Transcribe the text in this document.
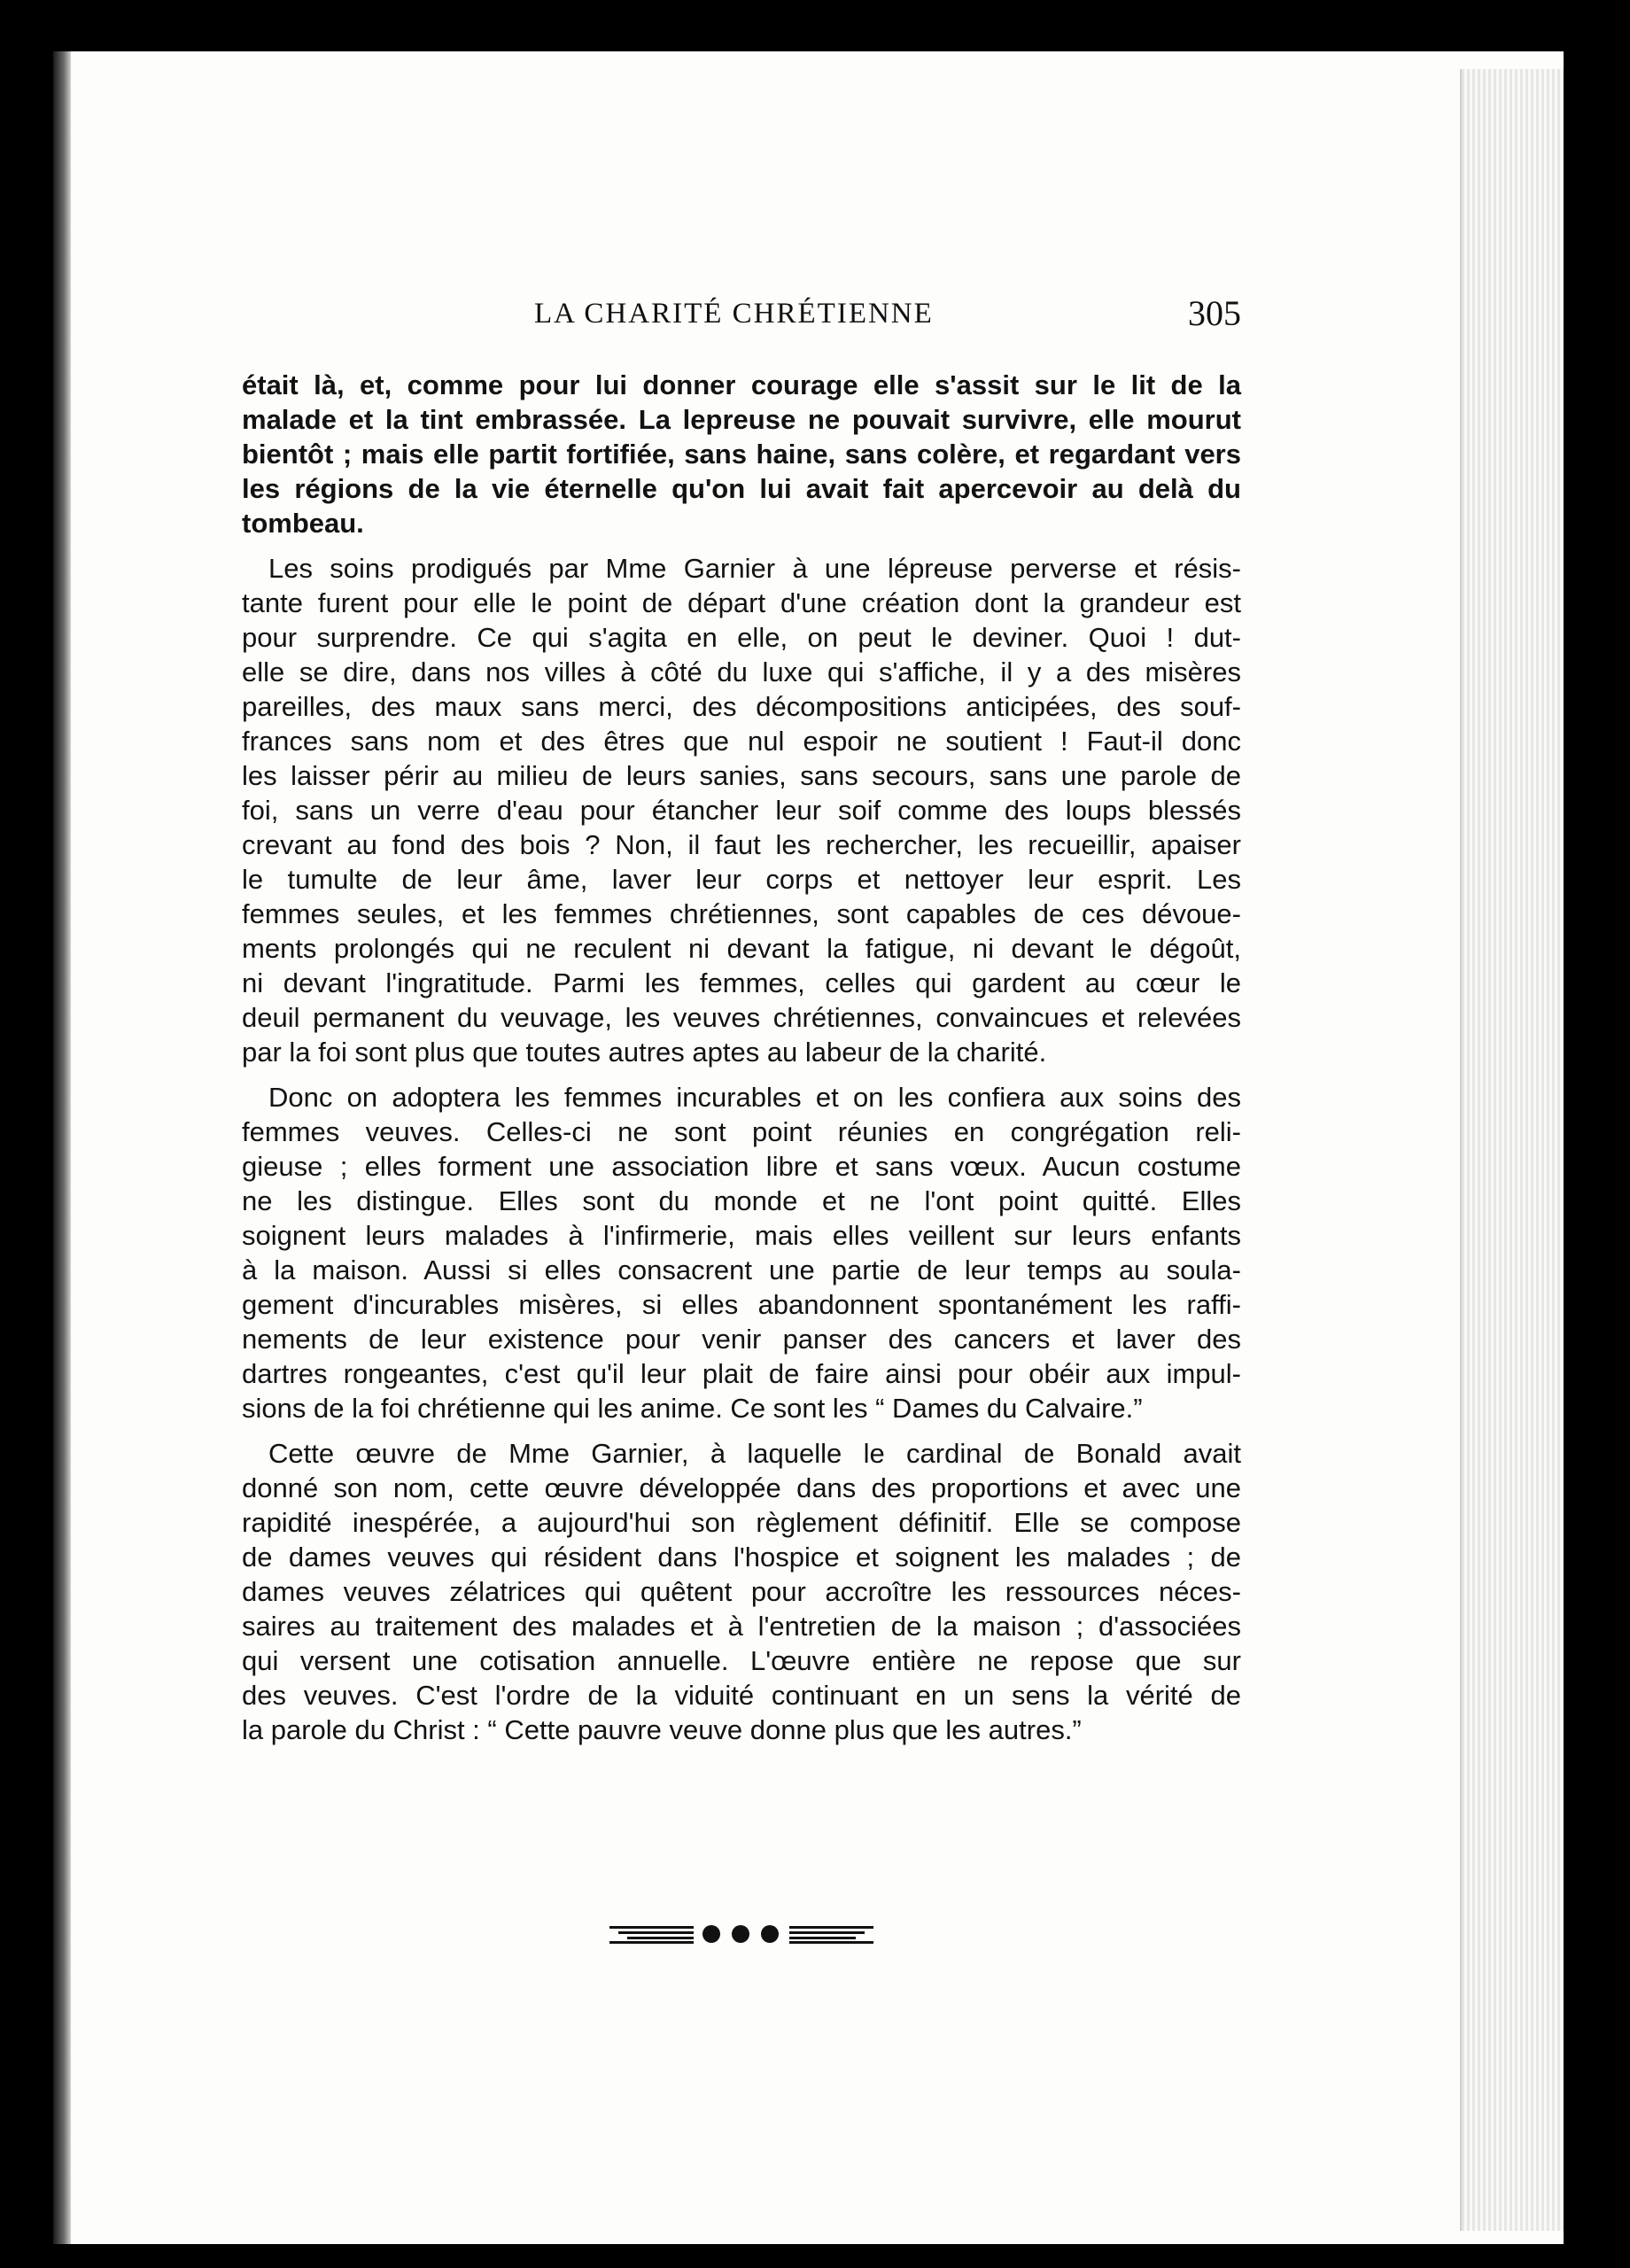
LA CHARITÉ CHRÉTIENNE	305
était là, et, comme pour lui donner courage elle s'assit sur le lit de la
malade et la tint embrassée. La lepreuse ne pouvait survivre, elle mourut
bientôt ; mais elle partit fortifiée, sans haine, sans colère, et regardant vers
les régions de la vie éternelle qu'on lui avait fait apercevoir au delà du
tombeau.
Les soins prodigués par Mme Garnier à une lépreuse perverse et résis-
tante furent pour elle le point de départ d'une création dont la grandeur est
pour surprendre. Ce qui s'agita en elle, on peut le deviner. Quoi ! dut-
elle se dire, dans nos villes à côté du luxe qui s'affiche, il y a des misères
pareilles, des maux sans merci, des décompositions anticipées, des souf-
frances sans nom et des êtres que nul espoir ne soutient ! Faut-il donc
les laisser périr au milieu de leurs sanies, sans secours, sans une parole de
foi, sans un verre d'eau pour étancher leur soif comme des loups blessés
crevant au fond des bois ? Non, il faut les rechercher, les recueillir, apaiser
le tumulte de leur âme, laver leur corps et nettoyer leur esprit. Les
femmes seules, et les femmes chrétiennes, sont capables de ces dévoue-
ments prolongés qui ne reculent ni devant la fatigue, ni devant le dégoût,
ni devant l'ingratitude. Parmi les femmes, celles qui gardent au cœur le
deuil permanent du veuvage, les veuves chrétiennes, convaincues et relevées
par la foi sont plus que toutes autres aptes au labeur de la charité.
Donc on adoptera les femmes incurables et on les confiera aux soins des
femmes veuves. Celles-ci ne sont point réunies en congrégation reli-
gieuse ; elles forment une association libre et sans vœux. Aucun costume
ne les distingue. Elles sont du monde et ne l'ont point quitté. Elles
soignent leurs malades à l'infirmerie, mais elles veillent sur leurs enfants
à la maison. Aussi si elles consacrent une partie de leur temps au soula-
gement d'incurables misères, si elles abandonnent spontanément les raffi-
nements de leur existence pour venir panser des cancers et laver des
dartres rongeantes, c'est qu'il leur plait de faire ainsi pour obéir aux impul-
sions de la foi chrétienne qui les anime. Ce sont les “ Dames du Calvaire.”
Cette œuvre de Mme Garnier, à laquelle le cardinal de Bonald avait
donné son nom, cette œuvre développée dans des proportions et avec une
rapidité inespérée, a aujourd'hui son règlement définitif. Elle se compose
de dames veuves qui résident dans l'hospice et soignent les malades ; de
dames veuves zélatrices qui quêtent pour accroître les ressources néces-
saires au traitement des malades et à l'entretien de la maison ; d'associées
qui versent une cotisation annuelle. L'œuvre entière ne repose que sur
des veuves. C'est l'ordre de la viduité continuant en un sens la vérité de
la parole du Christ : “ Cette pauvre veuve donne plus que les autres.”
